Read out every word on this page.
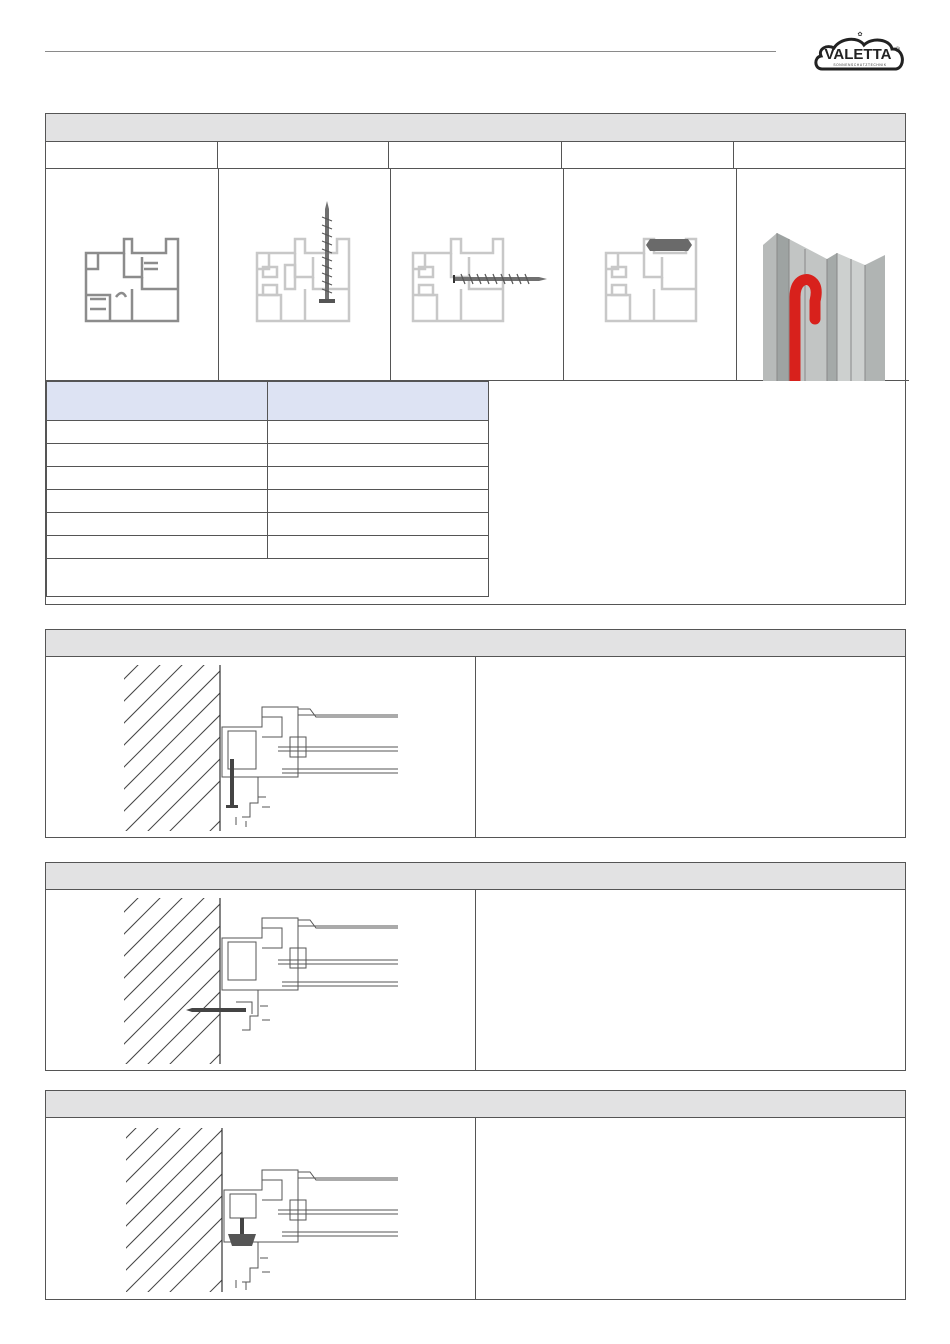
✿
VALETTA ®
SONNENSCHUTZTECHNIK
